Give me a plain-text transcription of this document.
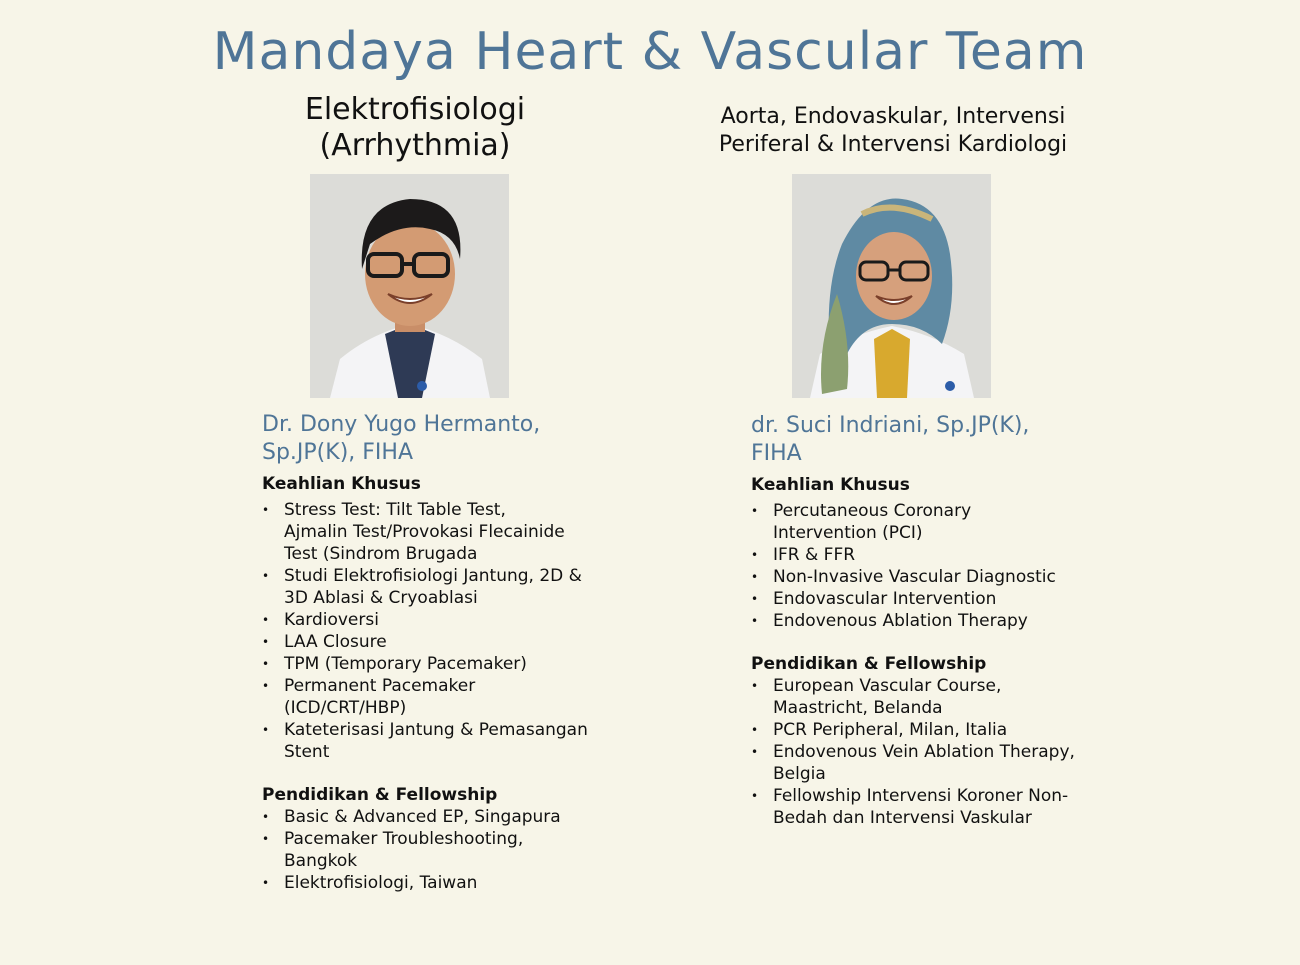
Mandaya Heart & Vascular Team
Elektrofisiologi
(Arrhythmia)
Dr. Dony Yugo Hermanto,
Sp.JP(K), FIHA
Keahlian Khusus
• Stress Test: Tilt Table Test,
Ajmalin Test/Provokasi Flecainide
Test (Sindrom Brugada
• Studi Elektrofisiologi Jantung, 2D &
3D Ablasi & Cryoablasi
• Kardioversi
• LAA Closure
• TPM (Temporary Pacemaker)
• Permanent Pacemaker
(ICD/CRT/HBP)
• Kateterisasi Jantung & Pemasangan
Stent
Pendidikan & Fellowship
• Basic & Advanced EP, Singapura
• Pacemaker Troubleshooting,
Bangkok
• Elektrofisiologi, Taiwan
Aorta, Endovaskular, Intervensi
Periferal & Intervensi Kardiologi
dr. Suci Indriani, Sp.JP(K),
FIHA
Keahlian Khusus
• Percutaneous Coronary
Intervention (PCI)
• IFR & FFR
• Non-Invasive Vascular Diagnostic
• Endovascular Intervention
• Endovenous Ablation Therapy
Pendidikan & Fellowship
• European Vascular Course,
Maastricht, Belanda
• PCR Peripheral, Milan, Italia
• Endovenous Vein Ablation Therapy,
Belgia
• Fellowship Intervensi Koroner Non-
Bedah dan Intervensi Vaskular
